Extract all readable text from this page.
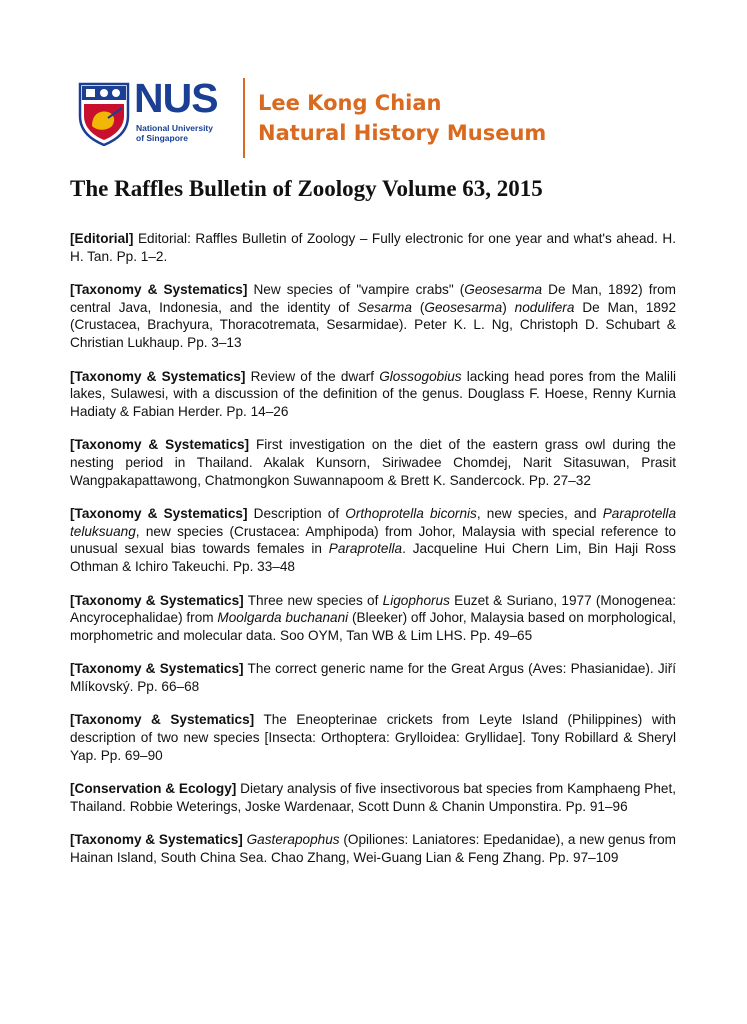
NUS
National University
of Singapore
Lee Kong Chian
Natural History Museum
The Raffles Bulletin of Zoology Volume 63, 2015

[Editorial] Editorial: Raffles Bulletin of Zoology – Fully electronic for one year and what's ahead. H. H. Tan. Pp. 1–2.

[Taxonomy & Systematics] New species of "vampire crabs" (Geosesarma De Man, 1892) from central Java, Indonesia, and the identity of Sesarma (Geosesarma) nodulifera De Man, 1892 (Crustacea, Brachyura, Thoracotremata, Sesarmidae). Peter K. L. Ng, Christoph D. Schubart & Christian Lukhaup. Pp. 3–13

[Taxonomy & Systematics] Review of the dwarf Glossogobius lacking head pores from the Malili lakes, Sulawesi, with a discussion of the definition of the genus. Douglass F. Hoese, Renny Kurnia Hadiaty & Fabian Herder. Pp. 14–26

[Taxonomy & Systematics] First investigation on the diet of the eastern grass owl during the nesting period in Thailand. Akalak Kunsorn, Siriwadee Chomdej, Narit Sitasuwan, Prasit Wangpakapattawong, Chatmongkon Suwannapoom & Brett K. Sandercock. Pp. 27–32

[Taxonomy & Systematics] Description of Orthoprotella bicornis, new species, and Paraprotella teluksuang, new species (Crustacea: Amphipoda) from Johor, Malaysia with special reference to unusual sexual bias towards females in Paraprotella. Jacqueline Hui Chern Lim, Bin Haji Ross Othman & Ichiro Takeuchi. Pp. 33–48

[Taxonomy & Systematics] Three new species of Ligophorus Euzet & Suriano, 1977 (Monogenea: Ancyrocephalidae) from Moolgarda buchanani (Bleeker) off Johor, Malaysia based on morphological, morphometric and molecular data. Soo OYM, Tan WB & Lim LHS. Pp. 49–65

[Taxonomy & Systematics] The correct generic name for the Great Argus (Aves: Phasianidae). Jiří Mlíkovský. Pp. 66–68

[Taxonomy & Systematics] The Eneopterinae crickets from Leyte Island (Philippines) with description of two new species [Insecta: Orthoptera: Grylloidea: Gryllidae]. Tony Robillard & Sheryl Yap. Pp. 69–90

[Conservation & Ecology] Dietary analysis of five insectivorous bat species from Kamphaeng Phet, Thailand. Robbie Weterings, Joske Wardenaar, Scott Dunn & Chanin Umponstira. Pp. 91–96

[Taxonomy & Systematics] Gasterapophus (Opiliones: Laniatores: Epedanidae), a new genus from Hainan Island, South China Sea. Chao Zhang, Wei-Guang Lian & Feng Zhang. Pp. 97–109
